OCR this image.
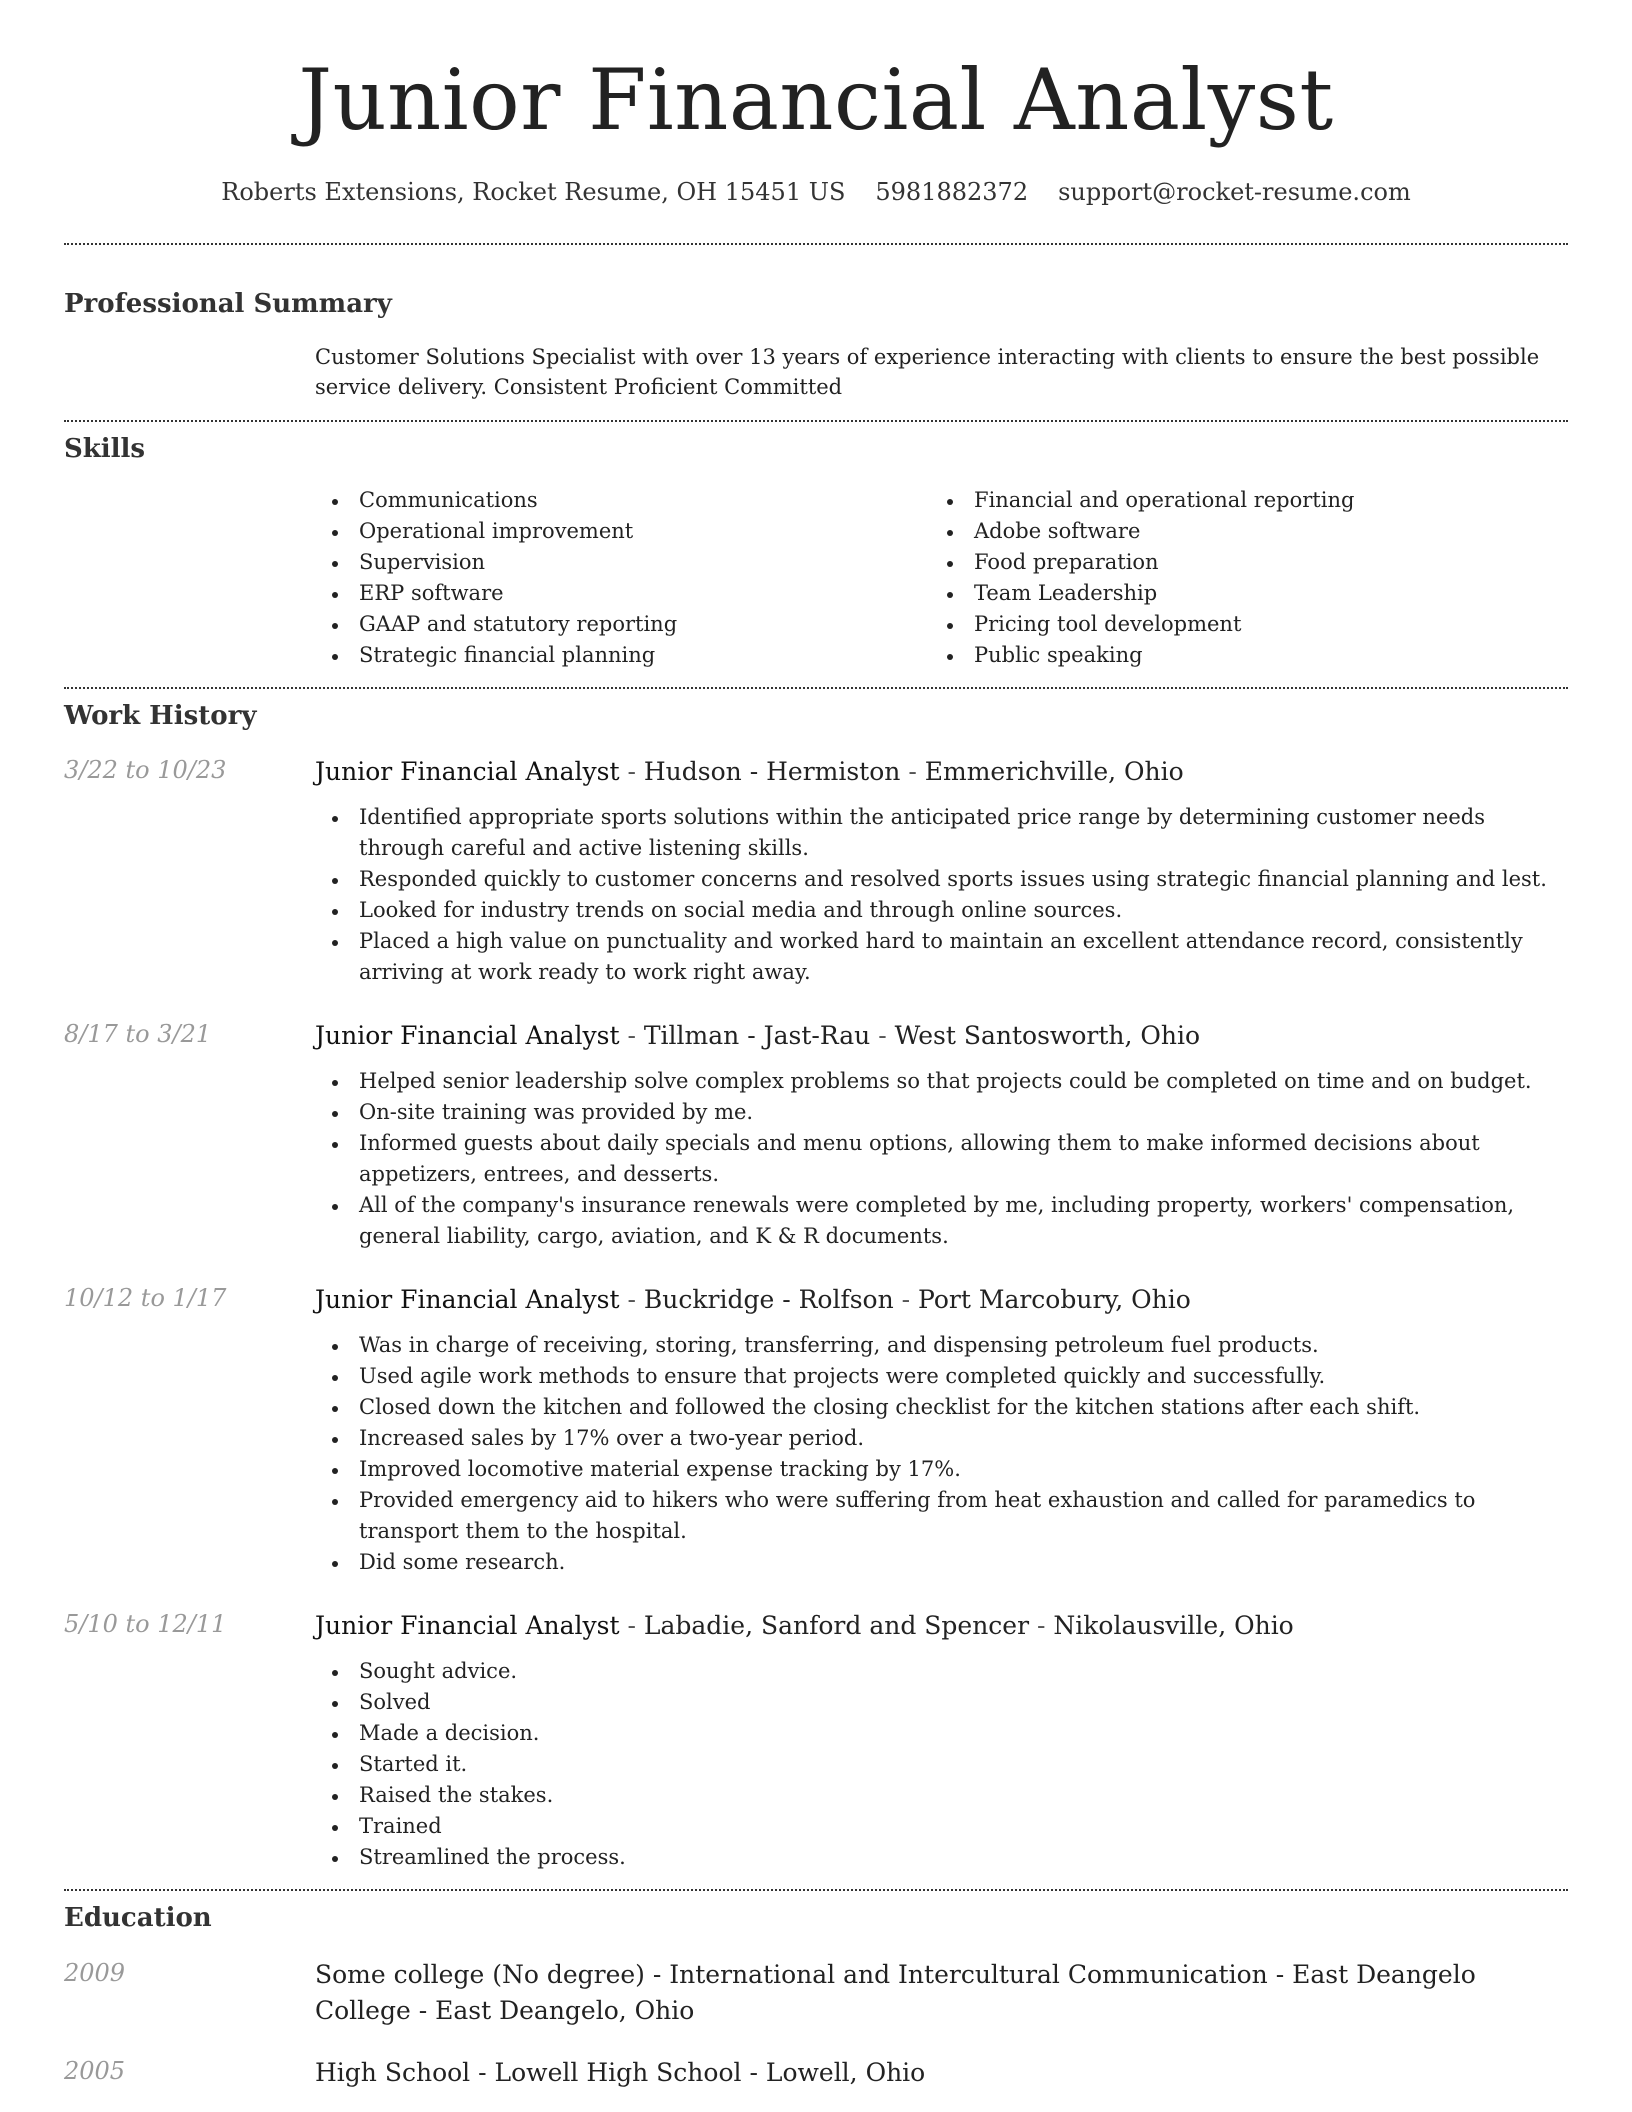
Junior Financial Analyst
Roberts Extensions, Rocket Resume, OH 15451 US 5981882372 support@rocket-resume.com
Professional Summary

Customer Solutions Specialist with over 13 years of experience interacting with clients to ensure the best possible service delivery. Consistent Proficient Committed

Skills
Communications
Operational improvement
Supervision
ERP software
GAAP and statutory reporting
Strategic financial planning
Financial and operational reporting
Adobe software
Food preparation
Team Leadership
Pricing tool development
Public speaking
Work History
3/22 to 10/23	Junior Financial Analyst - Hudson - Hermiston - Emmerichville, Ohio
Identified appropriate sports solutions within the anticipated price range by determining customer needs through careful and active listening skills.
Responded quickly to customer concerns and resolved sports issues using strategic financial planning and lest.
Looked for industry trends on social media and through online sources.
Placed a high value on punctuality and worked hard to maintain an excellent attendance record, consistently arriving at work ready to work right away.
8/17 to 3/21	Junior Financial Analyst - Tillman - Jast-Rau - West Santosworth, Ohio
Helped senior leadership solve complex problems so that projects could be completed on time and on budget.
On-site training was provided by me.
Informed guests about daily specials and menu options, allowing them to make informed decisions about appetizers, entrees, and desserts.
All of the company's insurance renewals were completed by me, including property, workers' compensation, general liability, cargo, aviation, and K & R documents.
10/12 to 1/17	Junior Financial Analyst - Buckridge - Rolfson - Port Marcobury, Ohio
Was in charge of receiving, storing, transferring, and dispensing petroleum fuel products.
Used agile work methods to ensure that projects were completed quickly and successfully.
Closed down the kitchen and followed the closing checklist for the kitchen stations after each shift.
Increased sales by 17% over a two-year period.
Improved locomotive material expense tracking by 17%.
Provided emergency aid to hikers who were suffering from heat exhaustion and called for paramedics to transport them to the hospital.
Did some research.
5/10 to 12/11	Junior Financial Analyst - Labadie, Sanford and Spencer - Nikolausville, Ohio
Sought advice.
Solved
Made a decision.
Started it.
Raised the stakes.
Trained
Streamlined the process.
Education
2009	Some college (No degree) - International and Intercultural Communication - East Deangelo College - East Deangelo, Ohio
2005	High School - Lowell High School - Lowell, Ohio
